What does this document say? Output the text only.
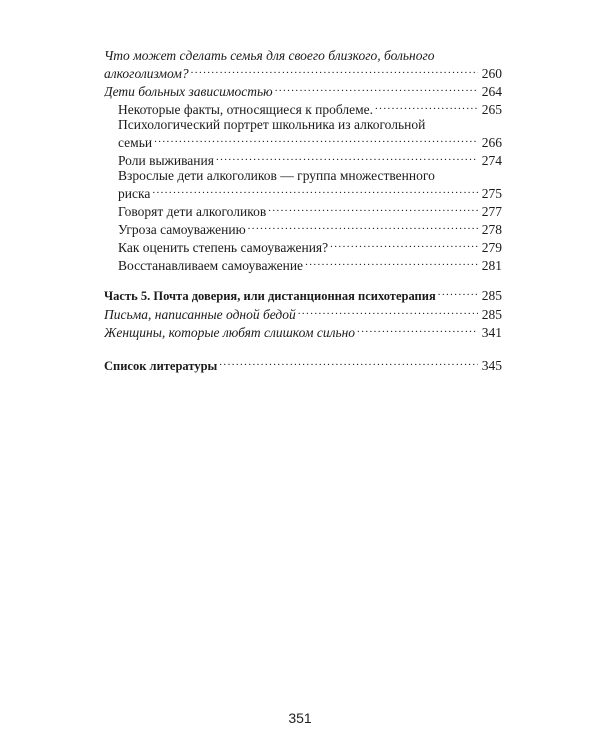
Что может сделать семья для своего близкого, больного
алкоголизмом? .....	260
Дети больных зависимостью .....	264
Некоторые факты, относящиеся к проблеме. .....	265
Психологический портрет школьника из алкогольной
семьи .....	266
Роли выживания .....	274
Взрослые дети алкоголиков — группа множественного
риска .....	275
Говорят дети алкоголиков .....	277
Угроза самоуважению .....	278
Как оценить степень самоуважения? .....	279
Восстанавливаем самоуважение .....	281
Часть 5. Почта доверия, или дистанционная психотерапия .....	285
Письма, написанные одной бедой .....	285
Женщины, которые любят слишком сильно .....	341
Список литературы .....	345
351
